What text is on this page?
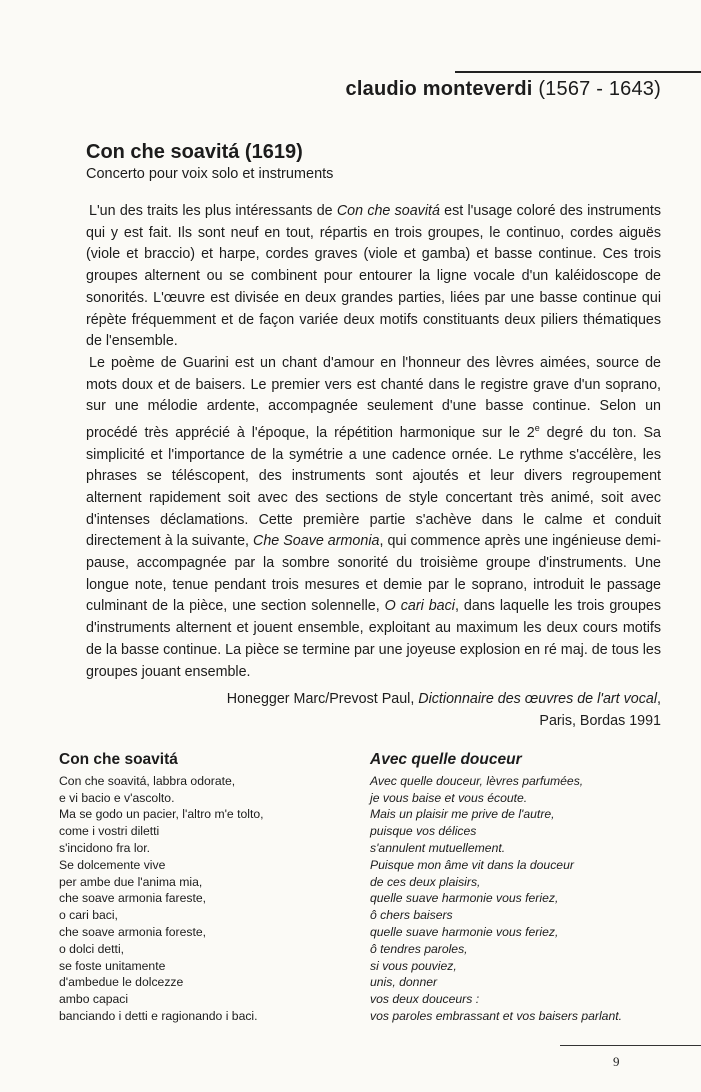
claudio monteverdi (1567 - 1643)
Con che soavitá (1619)
Concerto pour voix solo et instruments

L'un des traits les plus intéressants de Con che soavitá est l'usage coloré des instruments qui y est fait. Ils sont neuf en tout, répartis en trois groupes, le continuo, cordes aiguës (viole et braccio) et harpe, cordes graves (viole et gamba) et basse continue. Ces trois groupes alternent ou se combinent pour entourer la ligne vocale d'un kaléidoscope de sonorités. L'œuvre est divisée en deux grandes parties, liées par une basse continue qui répète fréquemment et de façon variée deux motifs constituants deux piliers thématiques de l'ensemble.

Le poème de Guarini est un chant d'amour en l'honneur des lèvres aimées, source de mots doux et de baisers. Le premier vers est chanté dans le registre grave d'un soprano, sur une mélodie ardente, accompagnée seulement d'une basse continue. Selon un procédé très apprécié à l'époque, la répétition harmonique sur le 2e degré du ton. Sa simplicité et l'importance de la symétrie a une cadence ornée. Le rythme s'accélère, les phrases se téléscopent, des instruments sont ajoutés et leur divers regroupement alternent rapidement soit avec des sections de style concertant très animé, soit avec d'intenses déclamations. Cette première partie s'achève dans le calme et conduit directement à la suivante, Che Soave armonia, qui commence après une ingénieuse demi-pause, accompagnée par la sombre sonorité du troisième groupe d'instruments. Une longue note, tenue pendant trois mesures et demie par le soprano, introduit le passage culminant de la pièce, une section solennelle, O cari baci, dans laquelle les trois groupes d'instruments alternent et jouent ensemble, exploitant au maximum les deux cours motifs de la basse continue. La pièce se termine par une joyeuse explosion en ré maj. de tous les groupes jouant ensemble.

Honegger Marc/Prevost Paul, Dictionnaire des œuvres de l'art vocal,
Paris, Bordas 1991
Con che soavitá
Con che soavitá, labbra odorate,
e vi bacio e v'ascolto.
Ma se godo un pacier, l'altro m'e tolto,
come i vostri diletti
s'incidono fra lor.
Se dolcemente vive
per ambe due l'anima mia,
che soave armonia fareste,
o cari baci,
che soave armonia foreste,
o dolci detti,
se foste unitamente
d'ambedue le dolcezze
ambo capaci
banciando i detti e ragionando i baci.
Avec quelle douceur
Avec quelle douceur, lèvres parfumées,
je vous baise et vous écoute.
Mais un plaisir me prive de l'autre,
puisque vos délices
s'annulent mutuellement.
Puisque mon âme vit dans la douceur
de ces deux plaisirs,
quelle suave harmonie vous feriez,
ô chers baisers
quelle suave harmonie vous feriez,
ô tendres paroles,
si vous pouviez,
unis, donner
vos deux douceurs :
vos paroles embrassant et vos baisers parlant.
9
